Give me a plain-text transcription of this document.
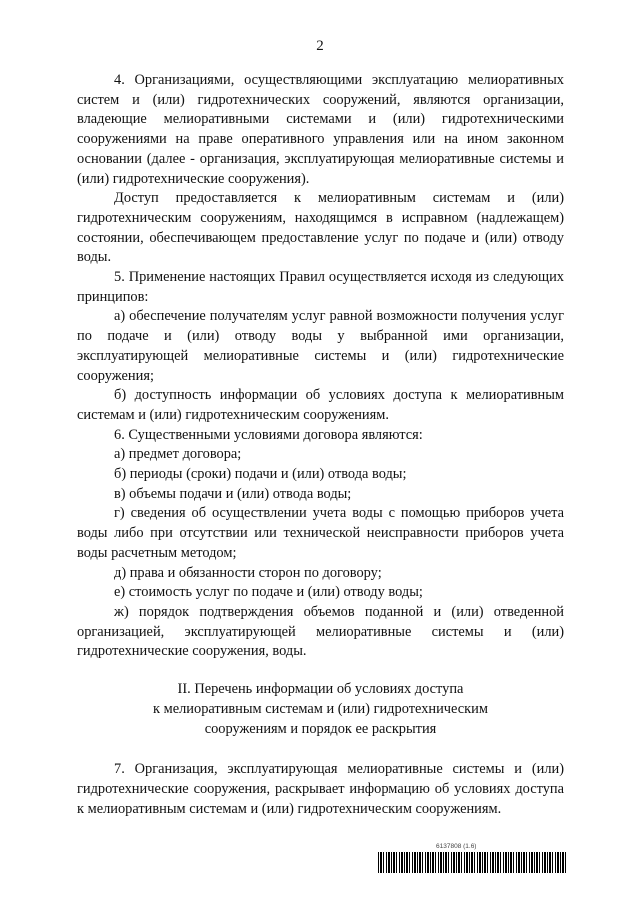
2

4. Организациями, осуществляющими эксплуатацию мелиоративных систем и (или) гидротехнических сооружений, являются организации, владеющие мелиоративными системами и (или) гидротехническими сооружениями на праве оперативного управления или на ином законном основании (далее - организация, эксплуатирующая мелиоративные системы и (или) гидротехнические сооружения).

Доступ предоставляется к мелиоративным системам и (или) гидротехническим сооружениям, находящимся в исправном (надлежащем) состоянии, обеспечивающем предоставление услуг по подаче и (или) отводу воды.

5. Применение настоящих Правил осуществляется исходя из следующих принципов:

а) обеспечение получателям услуг равной возможности получения услуг по подаче и (или) отводу воды у выбранной ими организации, эксплуатирующей мелиоративные системы и (или) гидротехнические сооружения;

б) доступность информации об условиях доступа к мелиоративным системам и (или) гидротехническим сооружениям.

6. Существенными условиями договора являются:

а) предмет договора;

б) периоды (сроки) подачи и (или) отвода воды;

в) объемы подачи и (или) отвода воды;

г) сведения об осуществлении учета воды с помощью приборов учета воды либо при отсутствии или технической неисправности приборов учета воды расчетным методом;

д) права и обязанности сторон по договору;

е) стоимость услуг по подаче и (или) отводу воды;

ж) порядок подтверждения объемов поданной и (или) отведенной организацией, эксплуатирующей мелиоративные системы и (или) гидротехнические сооружения, воды.

II. Перечень информации об условиях доступа
к мелиоративным системам и (или) гидротехническим
сооружениям и порядок ее раскрытия

7. Организация, эксплуатирующая мелиоративные системы и (или) гидротехнические сооружения, раскрывает информацию об условиях доступа к мелиоративным системам и (или) гидротехническим сооружениям.

6137808 (1.6)
